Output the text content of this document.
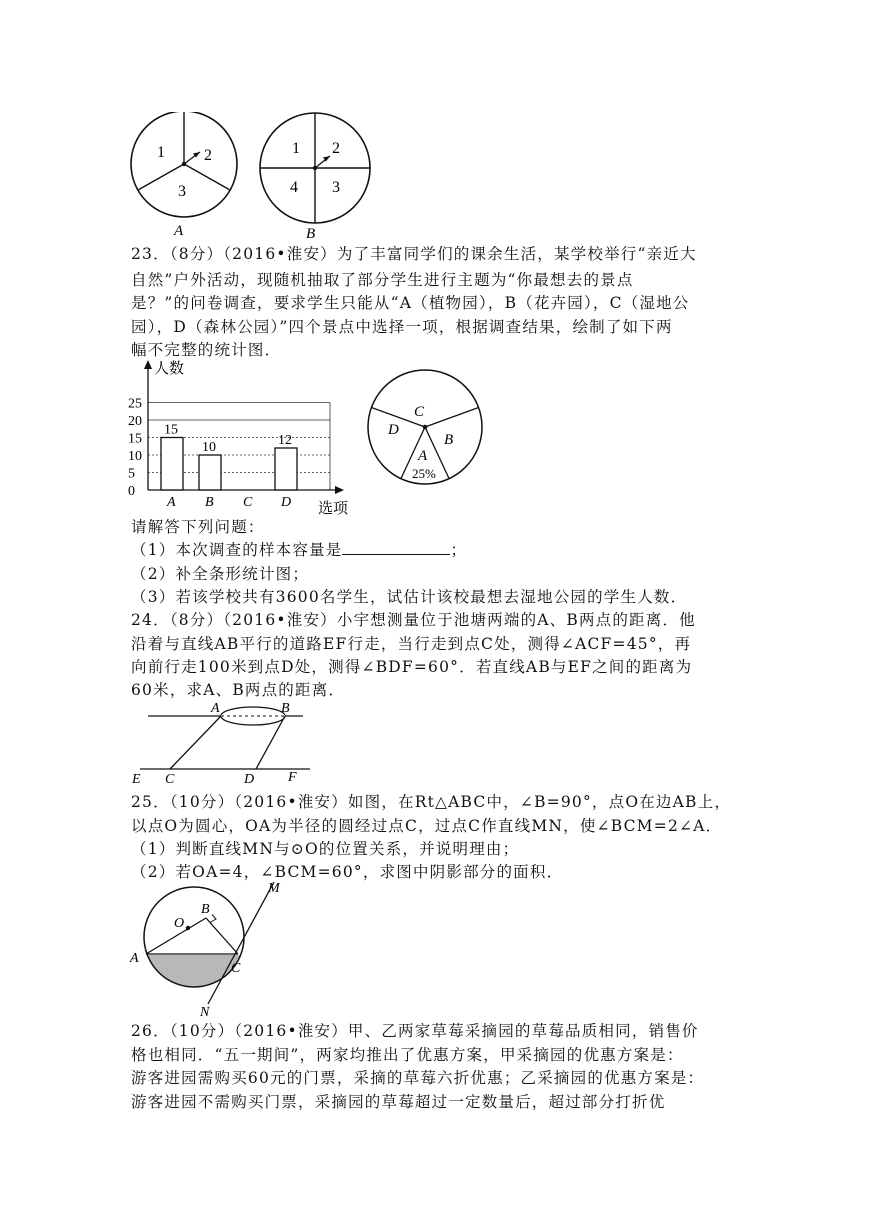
1 2
3
A
1 2
4 3
B
23．（8分）（2016•淮安）为了丰富同学们的课余生活，某学校举行“亲近大
自然”户外活动，现随机抽取了部分学生进行主题为“你最想去的景点
是？”的问卷调查，要求学生只能从“A（植物园），B（花卉园），C（湿地公
园），D（森林公园）”四个景点中选择一项，根据调查结果，绘制了如下两
幅不完整的统计图．
0
5
10
15
20
25
人数
选项
15
A
10
B C
12
D
C
D
B
A
25%
请解答下列问题：
（1）本次调查的样本容量是	；
（2）补全条形统计图；
（3）若该学校共有3600名学生，试估计该校最想去湿地公园的学生人数．
24．（8分）（2016•淮安）小宇想测量位于池塘两端的A、B两点的距离．他
沿着与直线AB平行的道路EF行走，当行走到点C处，测得∠ACF=45°，再
向前行走100米到点D处，测得∠BDF=60°．若直线AB与EF之间的距离为
60米，求A、B两点的距离．
A	B
E C	D F
25．（10分）（2016•淮安）如图，在Rt△ABC中，∠B=90°，点O在边AB上，
以点O为圆心，OA为半径的圆经过点C，过点C作直线MN，使∠BCM=2∠A．
（1）判断直线MN与⊙O的位置关系，并说明理由；
（2）若OA=4，∠BCM=60°，求图中阴影部分的面积．
O
B
A
C
M
N
26．（10分）（2016•淮安）甲、乙两家草莓采摘园的草莓品质相同，销售价
格也相同．“五一期间”，两家均推出了优惠方案，甲采摘园的优惠方案是：
游客进园需购买60元的门票，采摘的草莓六折优惠；乙采摘园的优惠方案是：
游客进园不需购买门票，采摘园的草莓超过一定数量后，超过部分打折优
